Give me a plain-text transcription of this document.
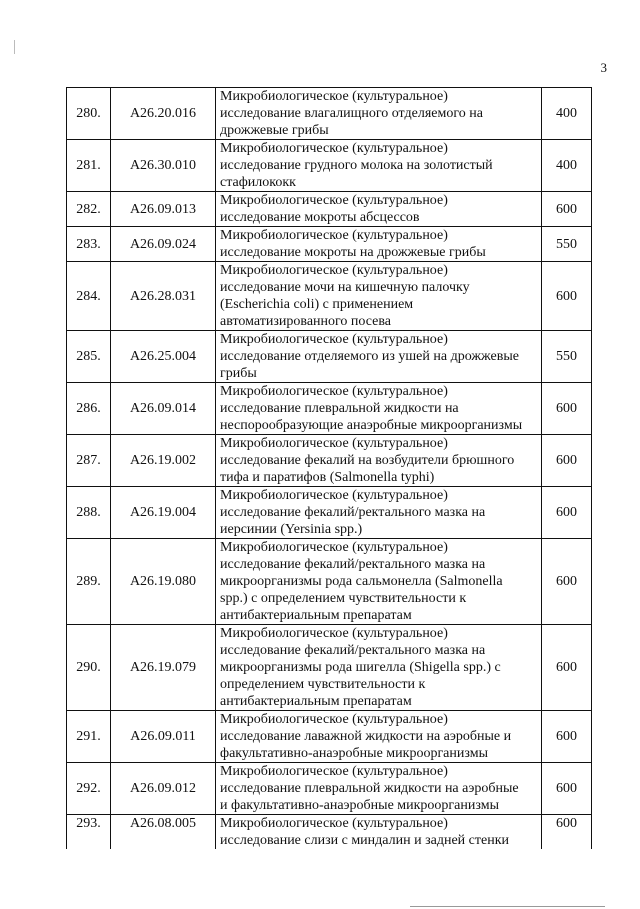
3
280.	A26.20.016	Микробиологическое (культуральное)
исследование влагалищного отделяемого на
дрожжевые грибы	400
281.	A26.30.010	Микробиологическое (культуральное)
исследование грудного молока на золотистый
стафилококк	400
282.	A26.09.013	Микробиологическое (культуральное)
исследование мокроты абсцессов	600
283.	A26.09.024	Микробиологическое (культуральное)
исследование мокроты на дрожжевые грибы	550
284.	A26.28.031	Микробиологическое (культуральное)
исследование мочи на кишечную палочку
(Escherichia coli) с применением
автоматизированного посева	600
285.	A26.25.004	Микробиологическое (культуральное)
исследование отделяемого из ушей на дрожжевые
грибы	550
286.	A26.09.014	Микробиологическое (культуральное)
исследование плевральной жидкости на
неспорообразующие анаэробные микроорганизмы	600
287.	A26.19.002	Микробиологическое (культуральное)
исследование фекалий на возбудители брюшного
тифа и паратифов (Salmonella typhi)	600
288.	A26.19.004	Микробиологическое (культуральное)
исследование фекалий/ректального мазка на
иерсинии (Yersinia spp.)	600
289.	A26.19.080	Микробиологическое (культуральное)
исследование фекалий/ректального мазка на
микроорганизмы рода сальмонелла (Salmonella
spp.) с определением чувствительности к
антибактериальным препаратам	600
290.	A26.19.079	Микробиологическое (культуральное)
исследование фекалий/ректального мазка на
микроорганизмы рода шигелла (Shigella spp.) с
определением чувствительности к
антибактериальным препаратам	600
291.	A26.09.011	Микробиологическое (культуральное)
исследование лаважной жидкости на аэробные и
факультативно-анаэробные микроорганизмы	600
292.	A26.09.012	Микробиологическое (культуральное)
исследование плевральной жидкости на аэробные
и факультативно-анаэробные микроорганизмы	600
293.	A26.08.005	Микробиологическое (культуральное)
исследование слизи с миндалин и задней стенки	600
